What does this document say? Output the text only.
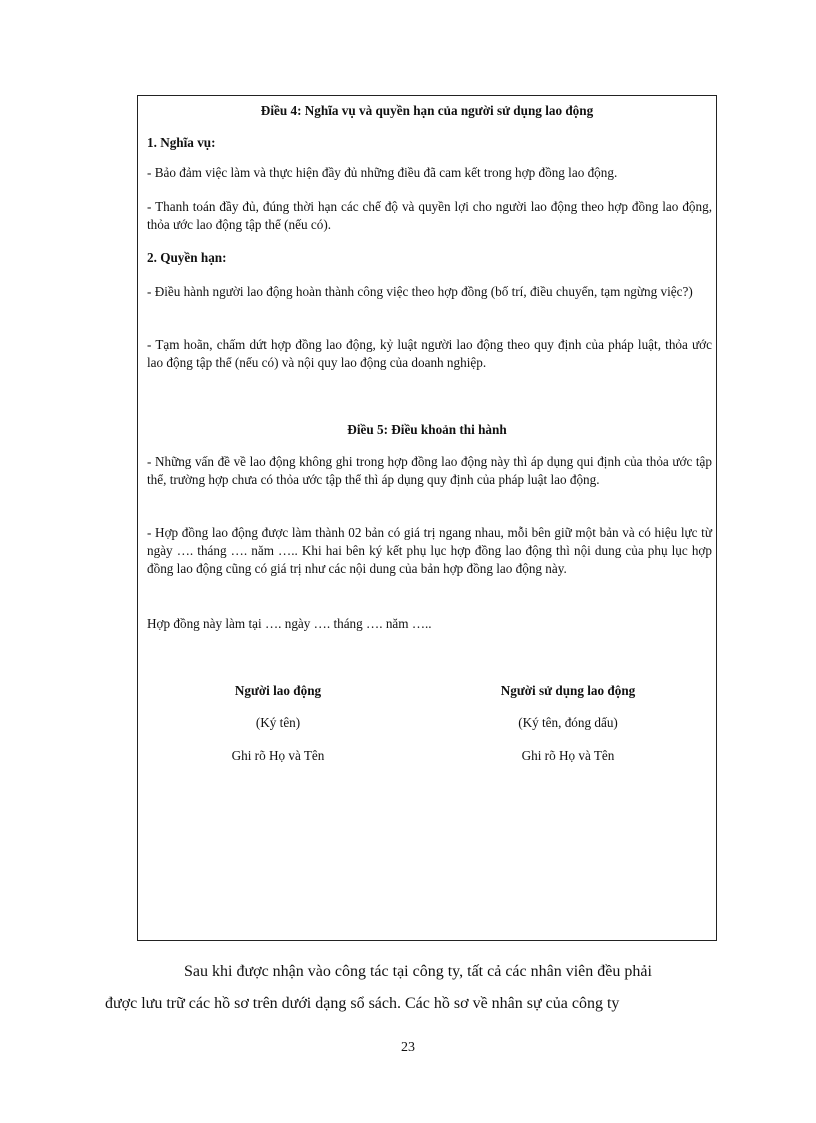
Điều 4: Nghĩa vụ và quyền hạn của người sử dụng lao động

1. Nghĩa vụ:

- Bảo đảm việc làm và thực hiện đầy đủ những điều đã cam kết trong hợp đồng lao động.

- Thanh toán đầy đủ, đúng thời hạn các chế độ và quyền lợi cho người lao động theo hợp đồng lao động, thỏa ước lao động tập thể (nếu có).

2. Quyền hạn:

- Điều hành người lao động hoàn thành công việc theo hợp đồng (bố trí, điều chuyển, tạm ngừng việc?)

- Tạm hoãn, chấm dứt hợp đồng lao động, kỷ luật người lao động theo quy định của pháp luật, thỏa ước lao động tập thể (nếu có) và nội quy lao động của doanh nghiệp.

Điều 5: Điều khoản thi hành

- Những vấn đề về lao động không ghi trong hợp đồng lao động này thì áp dụng qui định của thỏa ước tập thể, trường hợp chưa có thỏa ước tập thể thì áp dụng quy định của pháp luật lao động.

- Hợp đồng lao động được làm thành 02 bản có giá trị ngang nhau, mỗi bên giữ một bản và có hiệu lực từ ngày …. tháng …. năm ….. Khi hai bên ký kết phụ lục hợp đồng lao động thì nội dung của phụ lục hợp đồng lao động cũng có giá trị như các nội dung của bản hợp đồng lao động này.

Hợp đồng này làm tại …. ngày …. tháng …. năm …..

Người lao động

(Ký tên)

Ghi rõ Họ và Tên

Người sử dụng lao động

(Ký tên, đóng dấu)

Ghi rõ Họ và Tên

Sau khi được nhận vào công tác tại công ty, tất cả các nhân viên đều phải

được lưu trữ các hồ sơ trên dưới dạng sổ sách. Các hồ sơ về nhân sự của công ty

23
